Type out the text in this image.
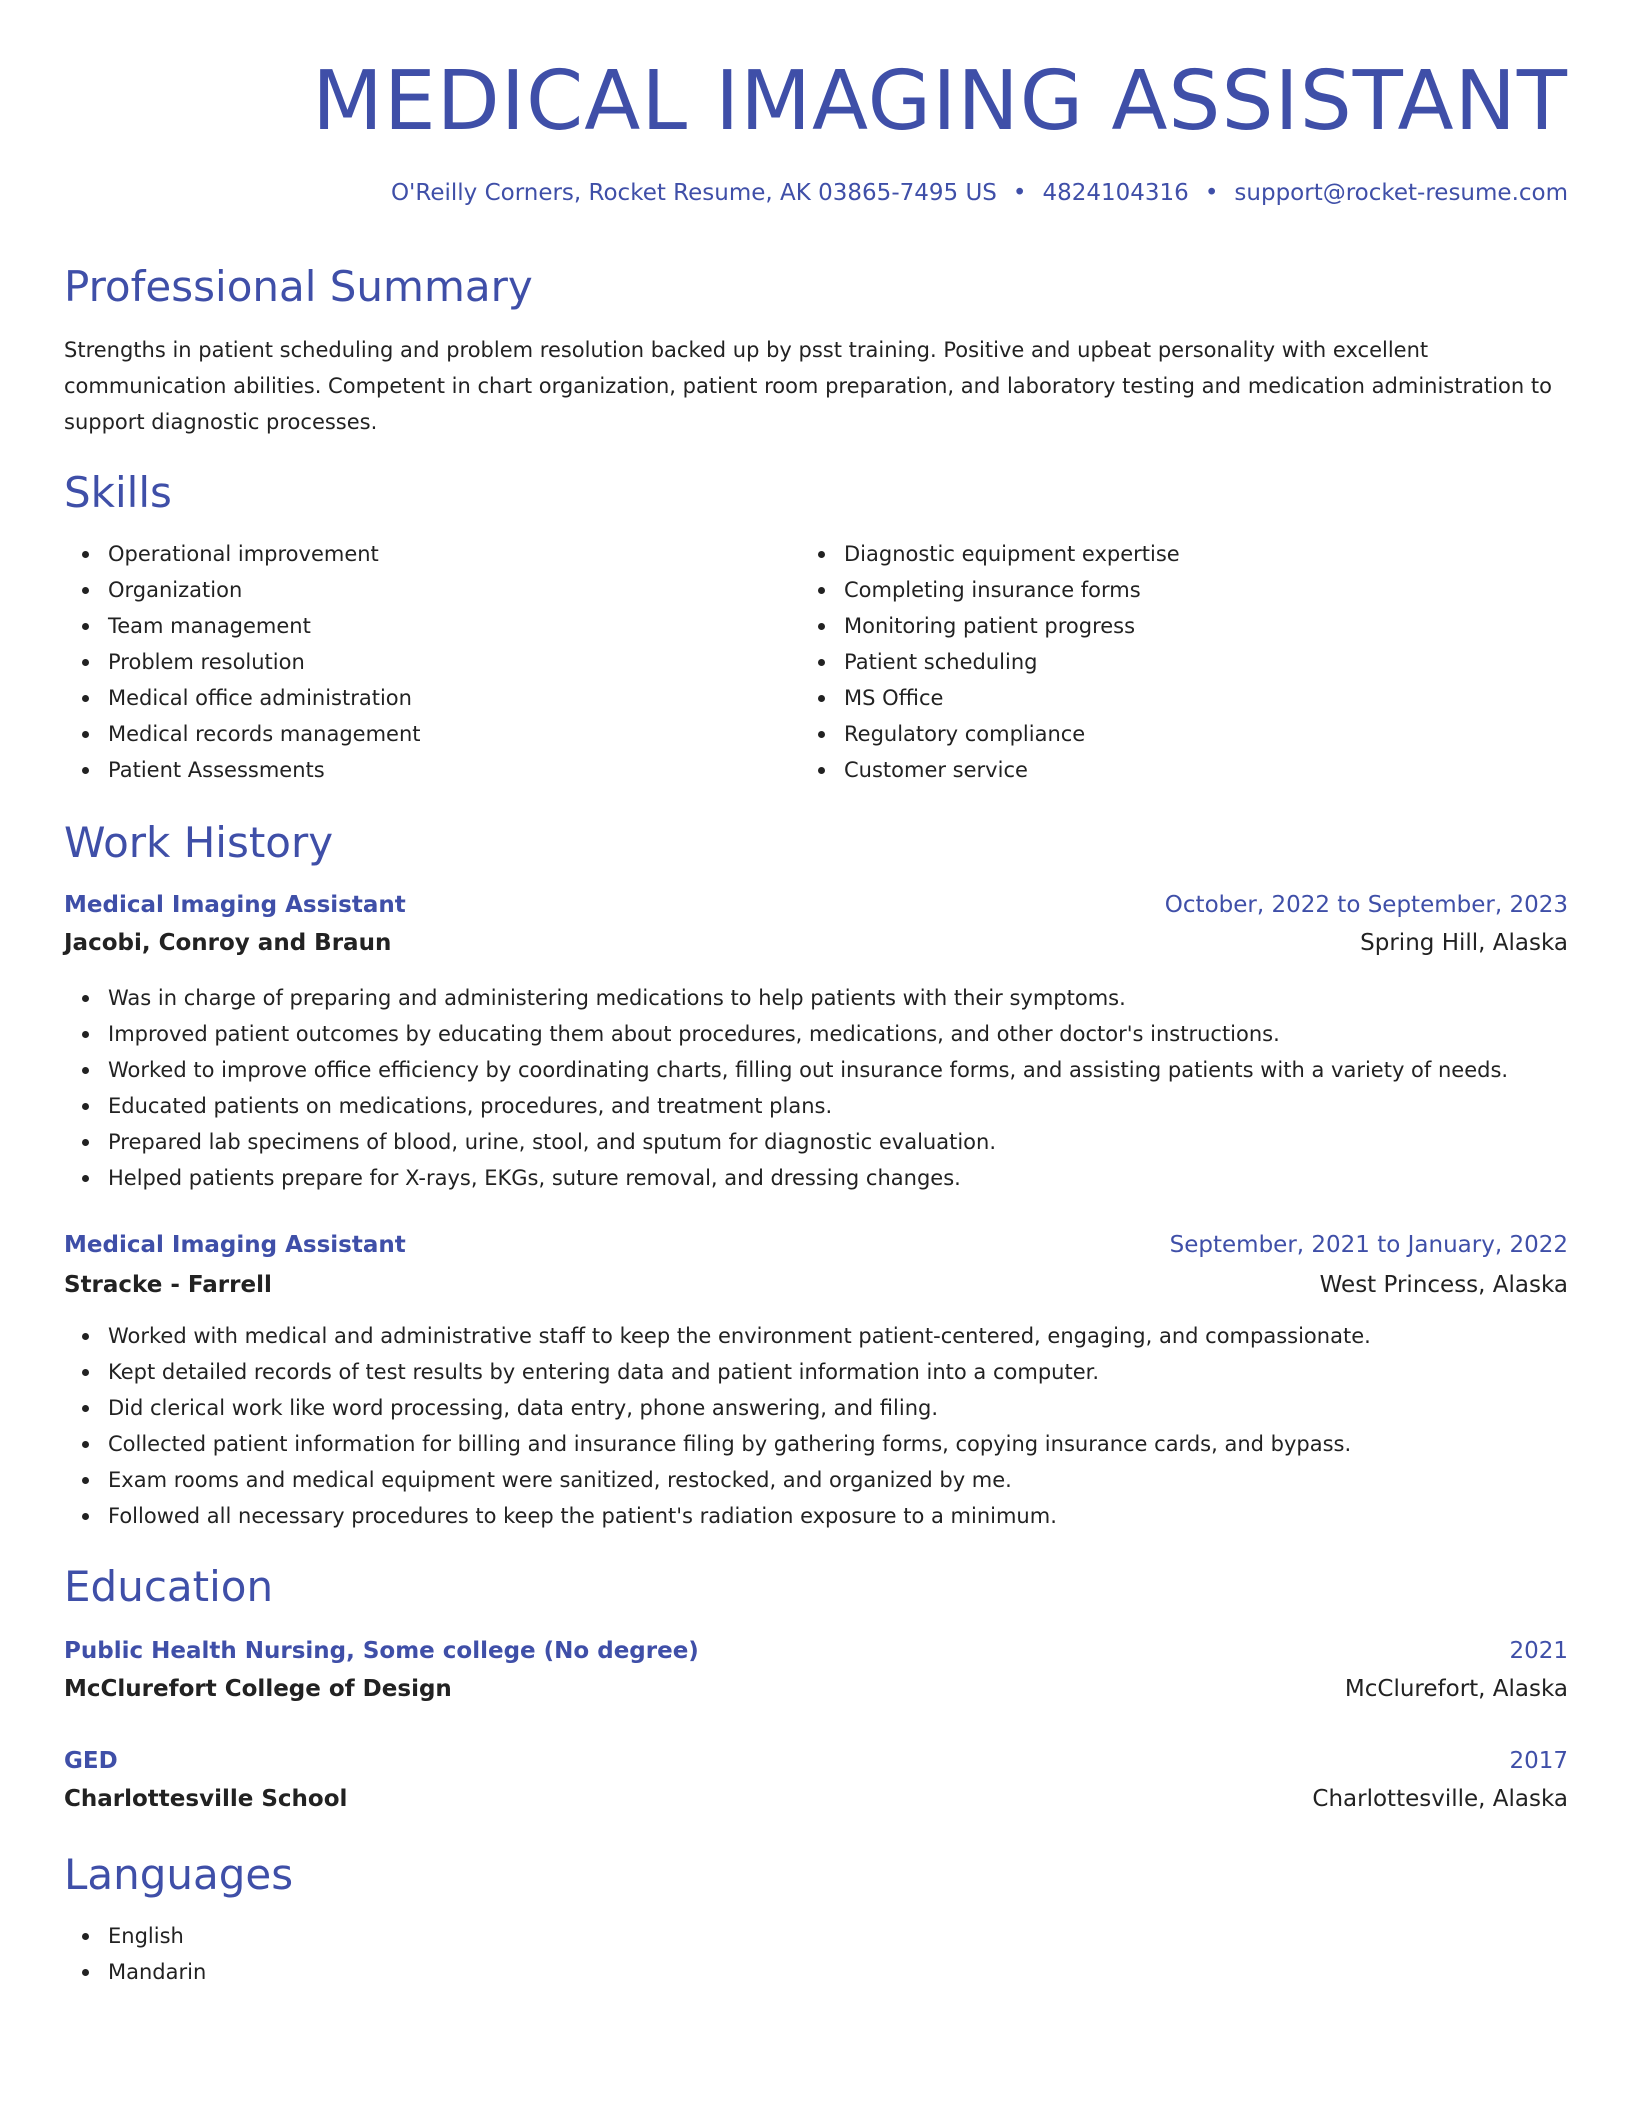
MEDICAL IMAGING ASSISTANT
O'Reilly Corners, Rocket Resume, AK 03865-7495 US • 4824104316 • support@rocket-resume.com
Professional Summary

Strengths in patient scheduling and problem resolution backed up by psst training. Positive and upbeat personality with excellent communication abilities. Competent in chart organization, patient room preparation, and laboratory testing and medication administration to support diagnostic processes.

Skills
Operational improvement
Organization
Team management
Problem resolution
Medical office administration
Medical records management
Patient Assessments
Diagnostic equipment expertise
Completing insurance forms
Monitoring patient progress
Patient scheduling
MS Office
Regulatory compliance
Customer service
Work History
Medical Imaging Assistant	October, 2022 to September, 2023
Jacobi, Conroy and Braun	Spring Hill, Alaska
Was in charge of preparing and administering medications to help patients with their symptoms.
Improved patient outcomes by educating them about procedures, medications, and other doctor's instructions.
Worked to improve office efficiency by coordinating charts, filling out insurance forms, and assisting patients with a variety of needs.
Educated patients on medications, procedures, and treatment plans.
Prepared lab specimens of blood, urine, stool, and sputum for diagnostic evaluation.
Helped patients prepare for X-rays, EKGs, suture removal, and dressing changes.
Medical Imaging Assistant	September, 2021 to January, 2022
Stracke - Farrell	West Princess, Alaska
Worked with medical and administrative staff to keep the environment patient-centered, engaging, and compassionate.
Kept detailed records of test results by entering data and patient information into a computer.
Did clerical work like word processing, data entry, phone answering, and filing.
Collected patient information for billing and insurance filing by gathering forms, copying insurance cards, and bypass.
Exam rooms and medical equipment were sanitized, restocked, and organized by me.
Followed all necessary procedures to keep the patient's radiation exposure to a minimum.
Education
Public Health Nursing, Some college (No degree)	2021
McClurefort College of Design	McClurefort, Alaska
GED	2017
Charlottesville School	Charlottesville, Alaska
Languages
English
Mandarin
